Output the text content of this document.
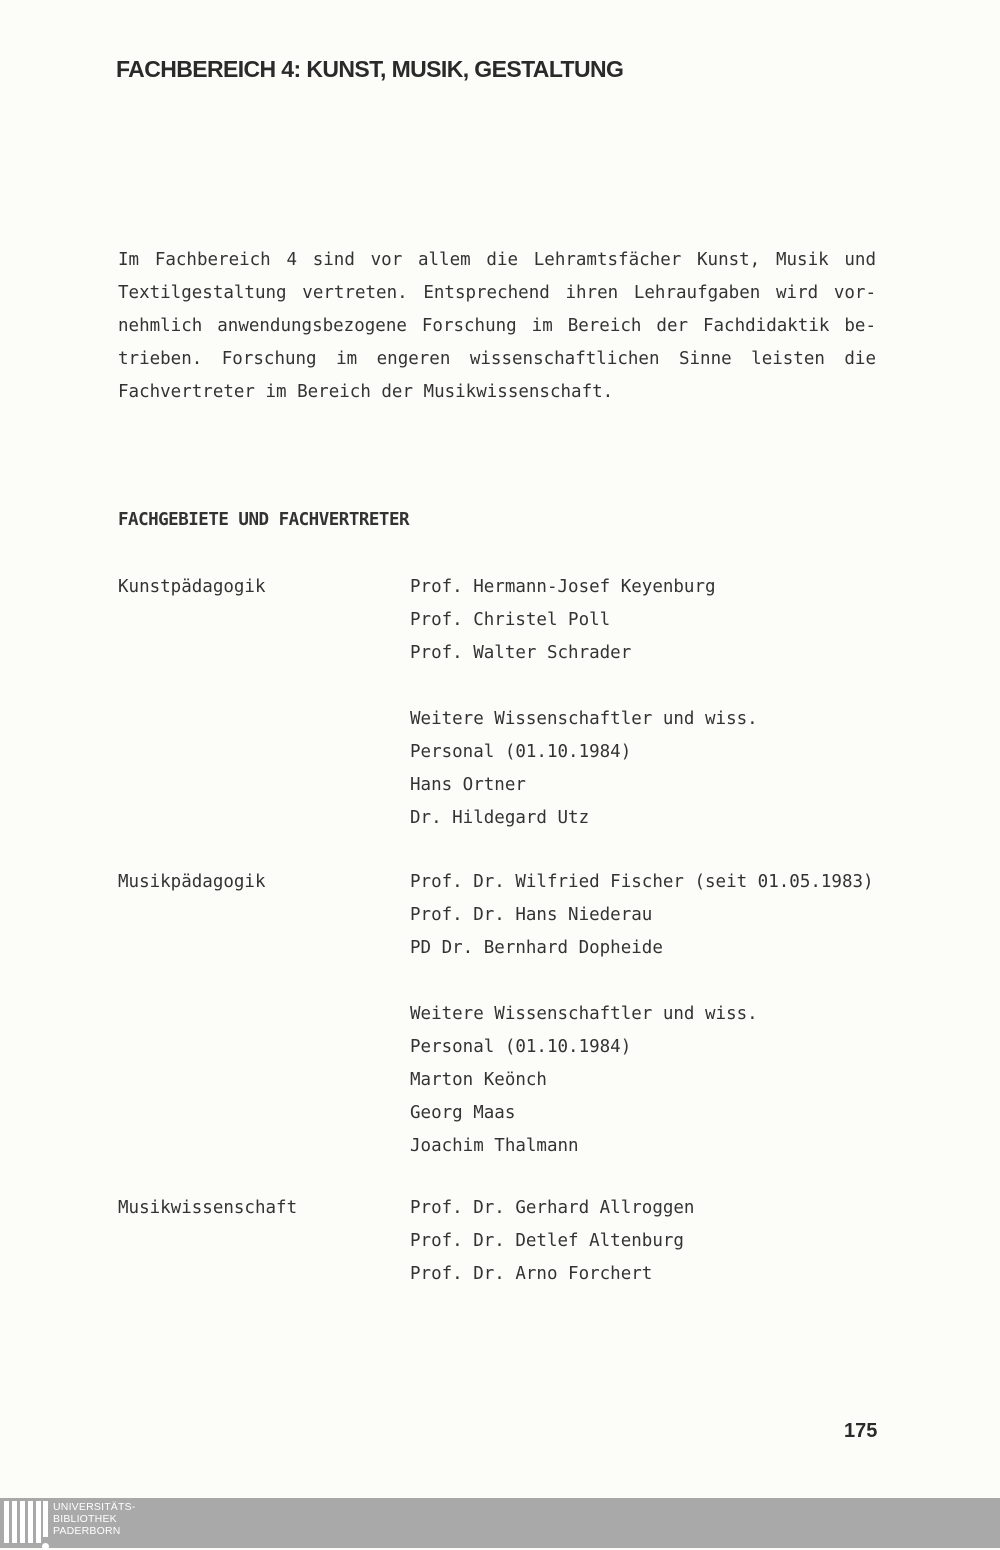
FACHBEREICH 4: KUNST, MUSIK, GESTALTUNG
Im Fachbereich 4 sind vor allem die Lehramtsfächer Kunst, Musik und
Textilgestaltung vertreten. Entsprechend ihren Lehraufgaben wird vor-
nehmlich anwendungsbezogene Forschung im Bereich der Fachdidaktik be-
trieben. Forschung im engeren wissenschaftlichen Sinne leisten die
Fachvertreter im Bereich der Musikwissenschaft.
FACHGEBIETE UND FACHVERTRETER
Kunstpädagogik	Prof. Hermann-Josef Keyenburg
Prof. Christel Poll
Prof. Walter Schrader
Weitere Wissenschaftler und wiss.
Personal (01.10.1984)
Hans Ortner
Dr. Hildegard Utz
Musikpädagogik	Prof. Dr. Wilfried Fischer (seit 01.05.1983)
Prof. Dr. Hans Niederau
PD Dr. Bernhard Dopheide
Weitere Wissenschaftler und wiss.
Personal (01.10.1984)
Marton Keönch
Georg Maas
Joachim Thalmann
Musikwissenschaft	Prof. Dr. Gerhard Allroggen
Prof. Dr. Detlef Altenburg
Prof. Dr. Arno Forchert
175
UNIVERSITÄTS-
BIBLIOTHEK
PADERBORN
